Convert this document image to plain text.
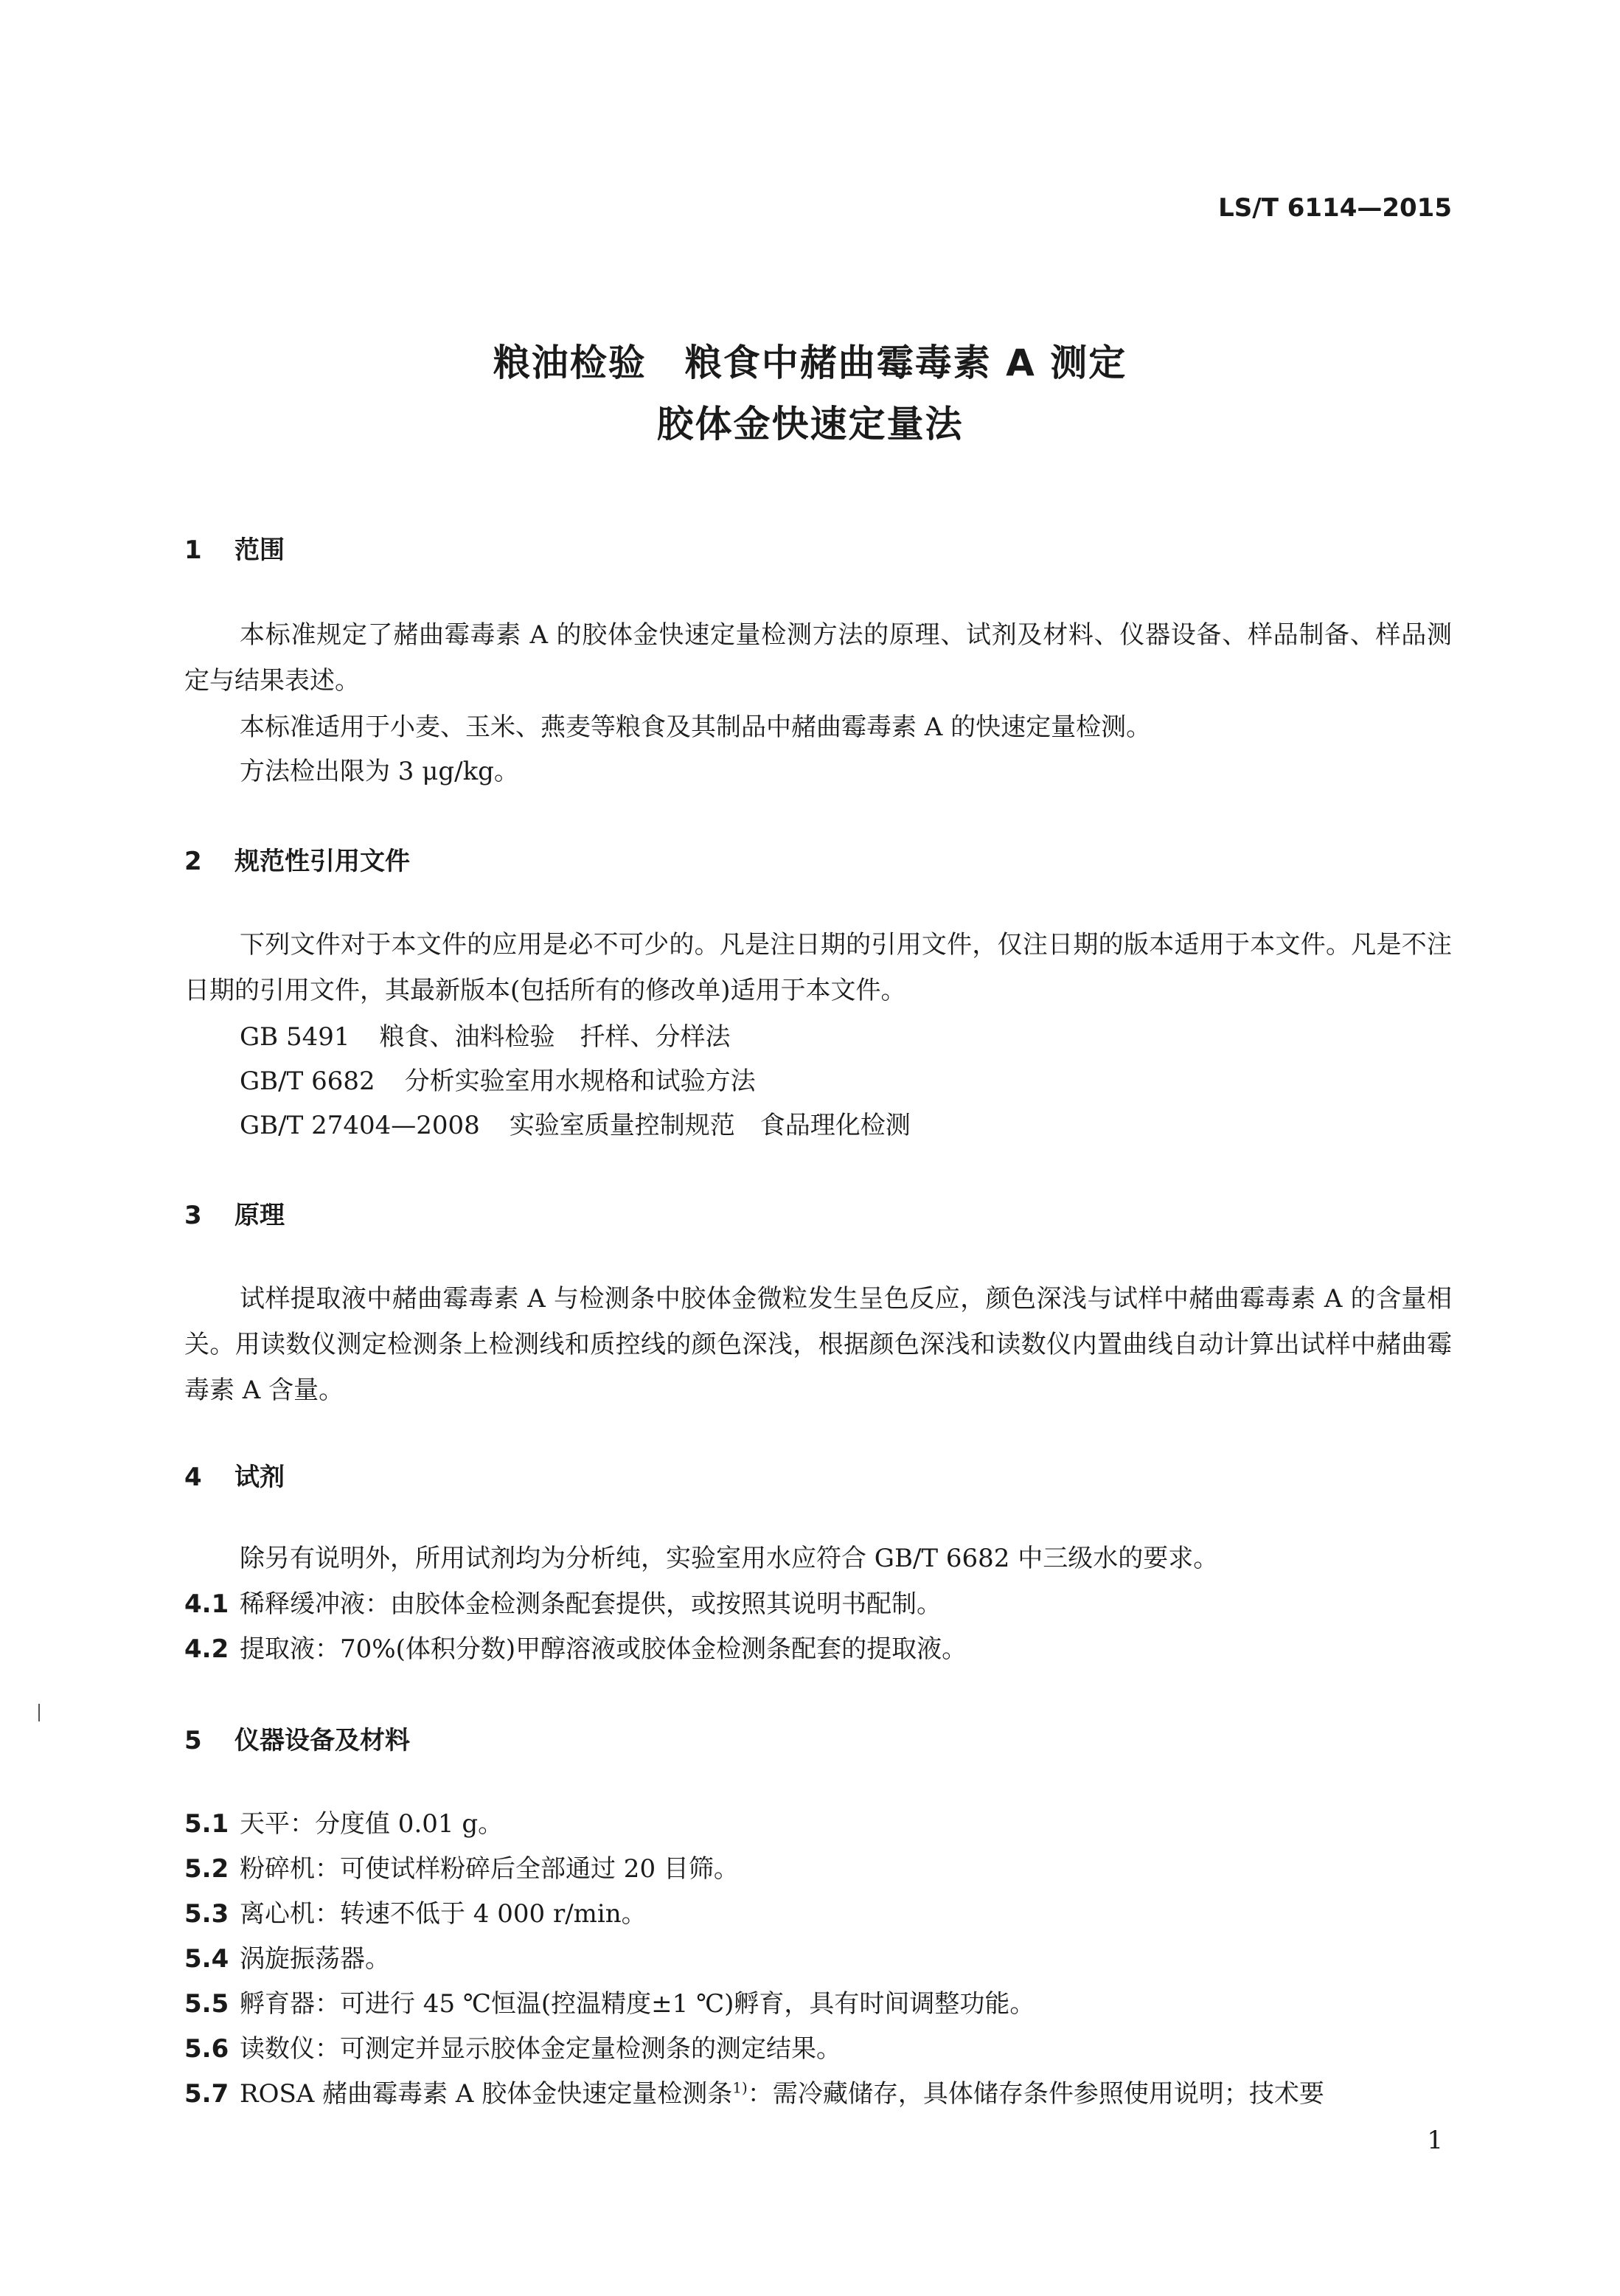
LS/T 6114—2015
粮油检验　粮食中赭曲霉毒素 A 测定
胶体金快速定量法
1 范围
本标准规定了赭曲霉毒素 A 的胶体金快速定量检测方法的原理、试剂及材料、仪器设备、样品制备、样品测定与结果表述。
本标准适用于小麦、玉米、燕麦等粮食及其制品中赭曲霉毒素 A 的快速定量检测。
方法检出限为 3 μg/kg。
2 规范性引用文件
下列文件对于本文件的应用是必不可少的。凡是注日期的引用文件，仅注日期的版本适用于本文件。凡是不注日期的引用文件，其最新版本(包括所有的修改单)适用于本文件。
GB 5491 粮食、油料检验　扦样、分样法
GB/T 6682 分析实验室用水规格和试验方法
GB/T 27404—2008 实验室质量控制规范　食品理化检测
3 原理
试样提取液中赭曲霉毒素 A 与检测条中胶体金微粒发生呈色反应，颜色深浅与试样中赭曲霉毒素 A 的含量相关。用读数仪测定检测条上检测线和质控线的颜色深浅，根据颜色深浅和读数仪内置曲线自动计算出试样中赭曲霉毒素 A 含量。
4 试剂
除另有说明外，所用试剂均为分析纯，实验室用水应符合 GB/T 6682 中三级水的要求。
4.1 稀释缓冲液：由胶体金检测条配套提供，或按照其说明书配制。
4.2 提取液：70%(体积分数)甲醇溶液或胶体金检测条配套的提取液。
5 仪器设备及材料
5.1 天平：分度值 0.01 g。
5.2 粉碎机：可使试样粉碎后全部通过 20 目筛。
5.3 离心机：转速不低于 4 000 r/min。
5.4 涡旋振荡器。
5.5 孵育器：可进行 45 ℃恒温(控温精度±1 ℃)孵育，具有时间调整功能。
5.6 读数仪：可测定并显示胶体金定量检测条的测定结果。
5.7 ROSA 赭曲霉毒素 A 胶体金快速定量检测条$^{1)}$：需冷藏储存，具体储存条件参照使用说明；技术要
1
